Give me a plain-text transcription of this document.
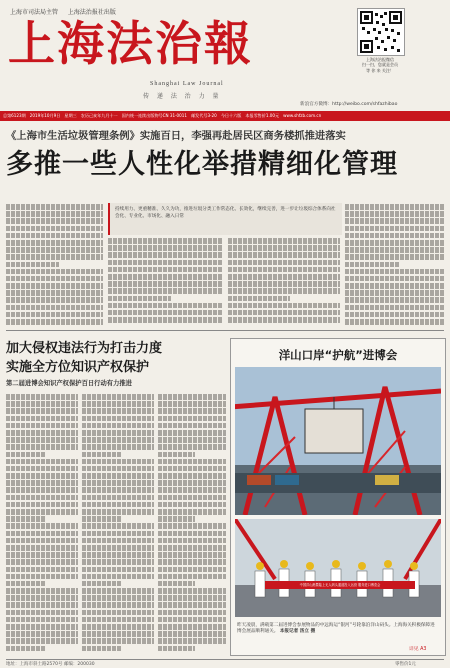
上海市司法局主管 上海法治报社出版
上海法治報
Shanghai Law Journal
传 递 法 治 力 量
上海法治报微信
扫一扫，您就是会员
等 你 来 关注！
新浪官方微博：http://weibo.com/shfazhibao
总第6123期　2019年10月9日　星期三　农历己亥年九月十一　国内统一连续出版物号CN 31-0011　邮发代号3-20　今日十六版　本报零售价1.00元　www.shfzb.com.cn
《上海市生活垃圾管理条例》实施百日，李强再赴居民区商务楼抓推进落实
多推一些人性化举措精细化管理
持续用力、更重精准、久久为功，推进垃圾分类工作常态化、长效化，继续完善，进一步让垃圾综合体系向社会化、专业化、市场化、融入日常
加大侵权违法行为打击力度
实施全方位知识产权保护
第二届进博会知识产权保护百日行动有力推进
洋山口岸“护航”进博会
中国洋山港暨陆上无人码头通道投入运营 服务进口博览会
昨天凌晨，满载第二届进博会参展物品的中远海运“银河”号轮靠泊洋山码头。上海海关积极保障进博会展品顺利通关。 本报记者 汤立 摄
详见 A3
地址：上海市斜土路2570号 邮编：200030	零售价1元
